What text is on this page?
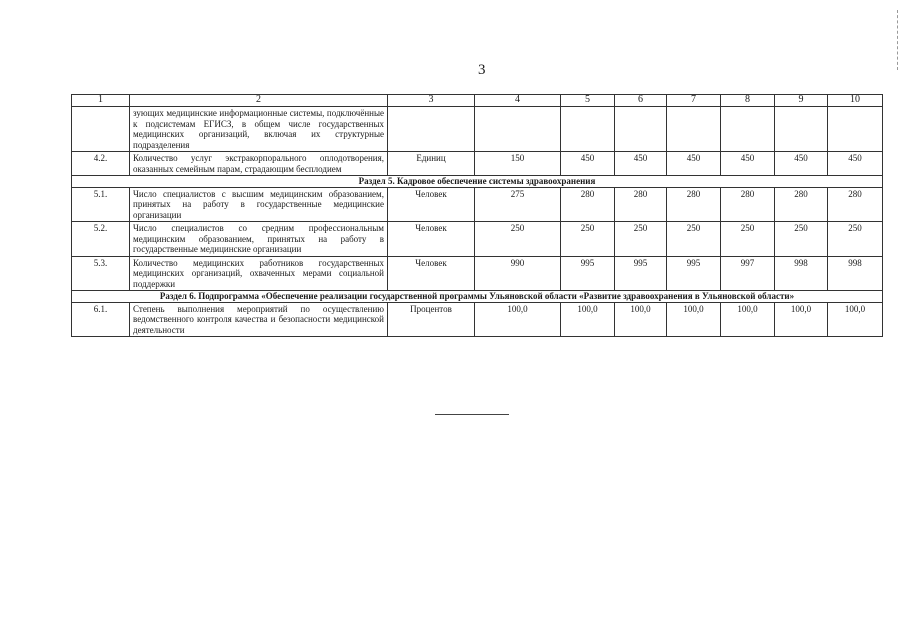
3
1	2	3	4	5	6	7	8	9	10
	зующих медицинские информационные системы, подключённые к подсистемам ЕГИСЗ, в общем числе государственных медицинских организаций, включая их структурные подразделения								
4.2.	Количество услуг экстракорпорального оплодотворения, оказанных семейным парам, страдающим бесплодием	Единиц	150	450	450	450	450	450	450
Раздел 5. Кадровое обеспечение системы здравоохранения									
5.1.	Число специалистов с высшим медицинским образованием, принятых на работу в государственные медицинские организации	Человек	275	280	280	280	280	280	280
5.2.	Число специалистов со средним профессиональным медицинским образованием, принятых на работу в государственные медицинские организации	Человек	250	250	250	250	250	250	250
5.3.	Количество медицинских работников государственных медицинских организаций, охваченных мерами социальной поддержки	Человек	990	995	995	995	997	998	998
Раздел 6. Подпрограмма «Обеспечение реализации государственной программы Ульяновской области «Развитие здравоохранения в Ульяновской области»									
6.1.	Степень выполнения мероприятий по осуществлению ведомственного контроля качества и безопасности медицинской деятельности	Процентов	100,0	100,0	100,0	100,0	100,0	100,0	100,0
